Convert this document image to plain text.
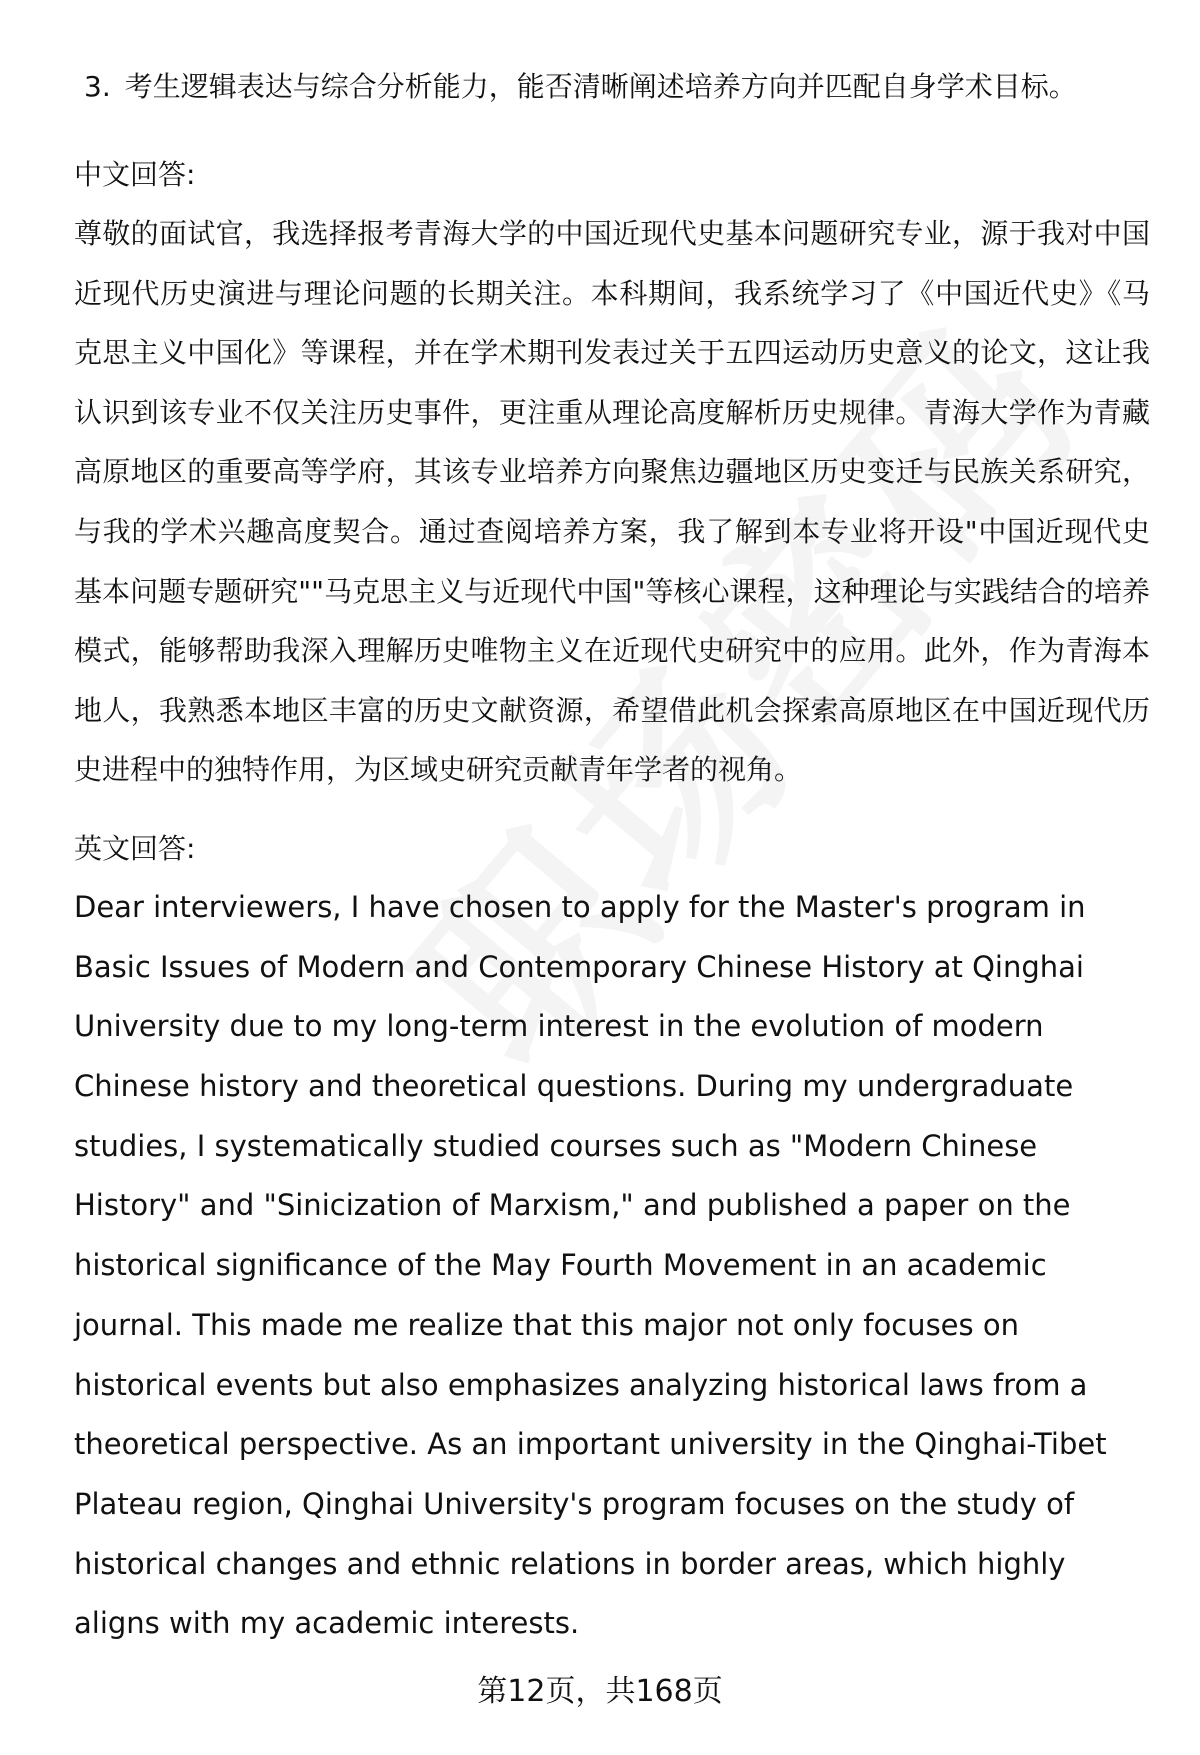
3. 考生逻辑表达与综合分析能力，能否清晰阐述培养方向并匹配自身学术目标。

中文回答:

尊敬的面试官，我选择报考青海大学的中国近现代史基本问题研究专业，源于我对中国近现代历史演进与理论问题的长期关注。本科期间，我系统学习了《中国近代史》《马克思主义中国化》等课程，并在学术期刊发表过关于五四运动历史意义的论文，这让我认识到该专业不仅关注历史事件，更注重从理论高度解析历史规律。青海大学作为青藏高原地区的重要高等学府，其该专业培养方向聚焦边疆地区历史变迁与民族关系研究，与我的学术兴趣高度契合。通过查阅培养方案，我了解到本专业将开设"中国近现代史基本问题专题研究""马克思主义与近现代中国"等核心课程，这种理论与实践结合的培养模式，能够帮助我深入理解历史唯物主义在近现代史研究中的应用。此外，作为青海本地人，我熟悉本地区丰富的历史文献资源，希望借此机会探索高原地区在中国近现代历史进程中的独特作用，为区域史研究贡献青年学者的视角。

英文回答:

Dear interviewers, I have chosen to apply for the Master's program in Basic Issues of Modern and Contemporary Chinese History at Qinghai University due to my long-term interest in the evolution of modern Chinese history and theoretical questions. During my undergraduate studies, I systematically studied courses such as "Modern Chinese History" and "Sinicization of Marxism," and published a paper on the historical significance of the May Fourth Movement in an academic journal. This made me realize that this major not only focuses on historical events but also emphasizes analyzing historical laws from a theoretical perspective. As an important university in the Qinghai-Tibet Plateau region, Qinghai University's program focuses on the study of historical changes and ethnic relations in border areas, which highly aligns with my academic interests.

第12页，共168页
